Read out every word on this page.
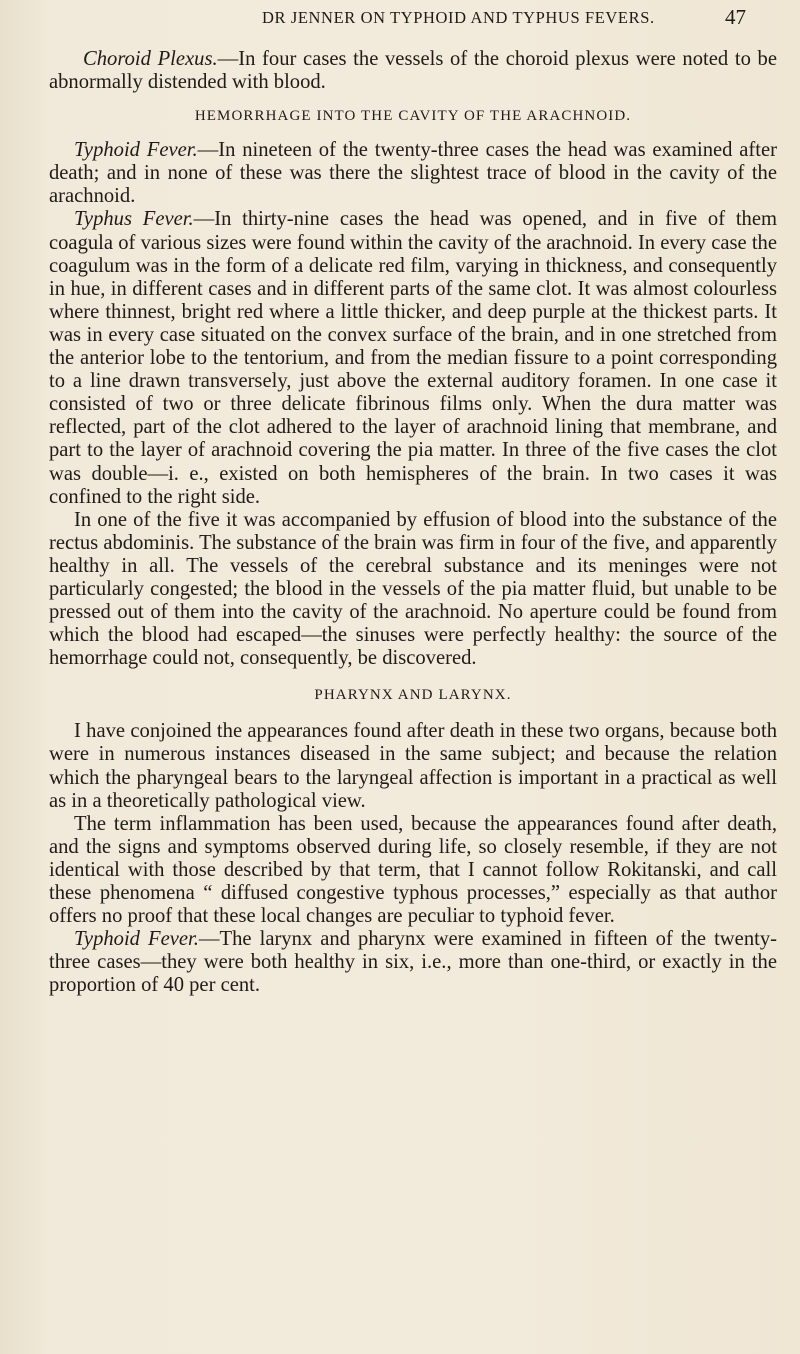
DR JENNER ON TYPHOID AND TYPHUS FEVERS.	47

Choroid Plexus.—In four cases the vessels of the choroid plexus were noted to be abnormally distended with blood.

HEMORRHAGE INTO THE CAVITY OF THE ARACHNOID.

Typhoid Fever.—In nineteen of the twenty-three cases the head was examined after death; and in none of these was there the slightest trace of blood in the cavity of the arachnoid.

Typhus Fever.—In thirty-nine cases the head was opened, and in five of them coagula of various sizes were found within the cavity of the arachnoid. In every case the coagulum was in the form of a delicate red film, varying in thickness, and consequently in hue, in different cases and in different parts of the same clot. It was almost colourless where thinnest, bright red where a little thicker, and deep purple at the thickest parts. It was in every case situated on the convex surface of the brain, and in one stretched from the anterior lobe to the tentorium, and from the median fissure to a point corresponding to a line drawn transversely, just above the external auditory foramen. In one case it consisted of two or three delicate fibrinous films only. When the dura matter was reflected, part of the clot adhered to the layer of arachnoid lining that membrane, and part to the layer of arachnoid covering the pia matter. In three of the five cases the clot was double—i. e., existed on both hemispheres of the brain. In two cases it was confined to the right side.

In one of the five it was accompanied by effusion of blood into the substance of the rectus abdominis. The substance of the brain was firm in four of the five, and apparently healthy in all. The vessels of the cerebral substance and its meninges were not particularly congested; the blood in the vessels of the pia matter fluid, but unable to be pressed out of them into the cavity of the arachnoid. No aperture could be found from which the blood had escaped—the sinuses were perfectly healthy: the source of the hemorrhage could not, consequently, be discovered.

PHARYNX AND LARYNX.

I have conjoined the appearances found after death in these two organs, because both were in numerous instances diseased in the same subject; and because the relation which the pharyngeal bears to the laryngeal affection is important in a practical as well as in a theoretically pathological view.

The term inflammation has been used, because the appearances found after death, and the signs and symptoms observed during life, so closely resemble, if they are not identical with those described by that term, that I cannot follow Rokitanski, and call these phenomena “ diffused congestive typhous processes,” especially as that author offers no proof that these local changes are peculiar to typhoid fever.

Typhoid Fever.—The larynx and pharynx were examined in fifteen of the twenty-three cases—they were both healthy in six, i.e., more than one-third, or exactly in the proportion of 40 per cent.
